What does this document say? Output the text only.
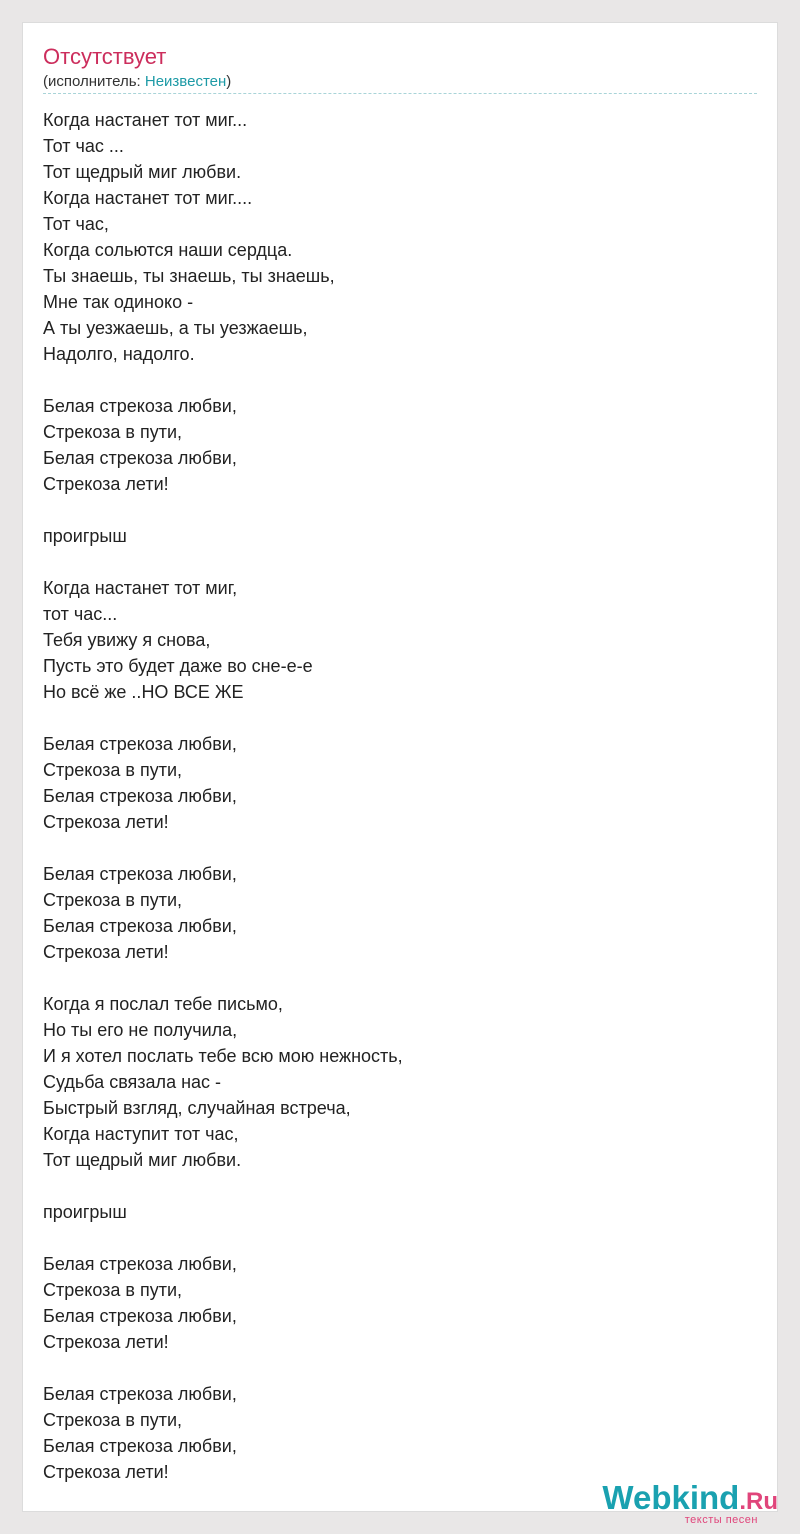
Отсутствует
(исполнитель: Неизвестен)
Когда настанет тот миг...
Тот час ...
Тот щедрый миг любви.
Когда настанет тот миг....
Тот час,
Когда сольются наши сердца.
Ты знаешь, ты знаешь, ты знаешь,
Мне так одиноко -
А ты уезжаешь, а ты уезжаешь,
Надолго, надолго.
Белая стрекоза любви,
Стрекоза в пути,
Белая стрекоза любви,
Стрекоза лети!
проигрыш
Когда настанет тот миг,
тот час...
Тебя увижу я снова,
Пусть это будет даже во сне-е-е
Но всё же ..НО ВСЕ ЖЕ
Белая стрекоза любви,
Стрекоза в пути,
Белая стрекоза любви,
Стрекоза лети!
Белая стрекоза любви,
Стрекоза в пути,
Белая стрекоза любви,
Стрекоза лети!
Когда я послал тебе письмо,
Но ты его не получила,
И я хотел послать тебе всю мою нежность,
Судьба связала нас -
Быстрый взгляд, случайная встреча,
Когда наступит тот час,
Тот щедрый миг любви.
проигрыш
Белая стрекоза любви,
Стрекоза в пути,
Белая стрекоза любви,
Стрекоза лети!
Белая стрекоза любви,
Стрекоза в пути,
Белая стрекоза любви,
Стрекоза лети!
Webkind.Ru
тексты песен
